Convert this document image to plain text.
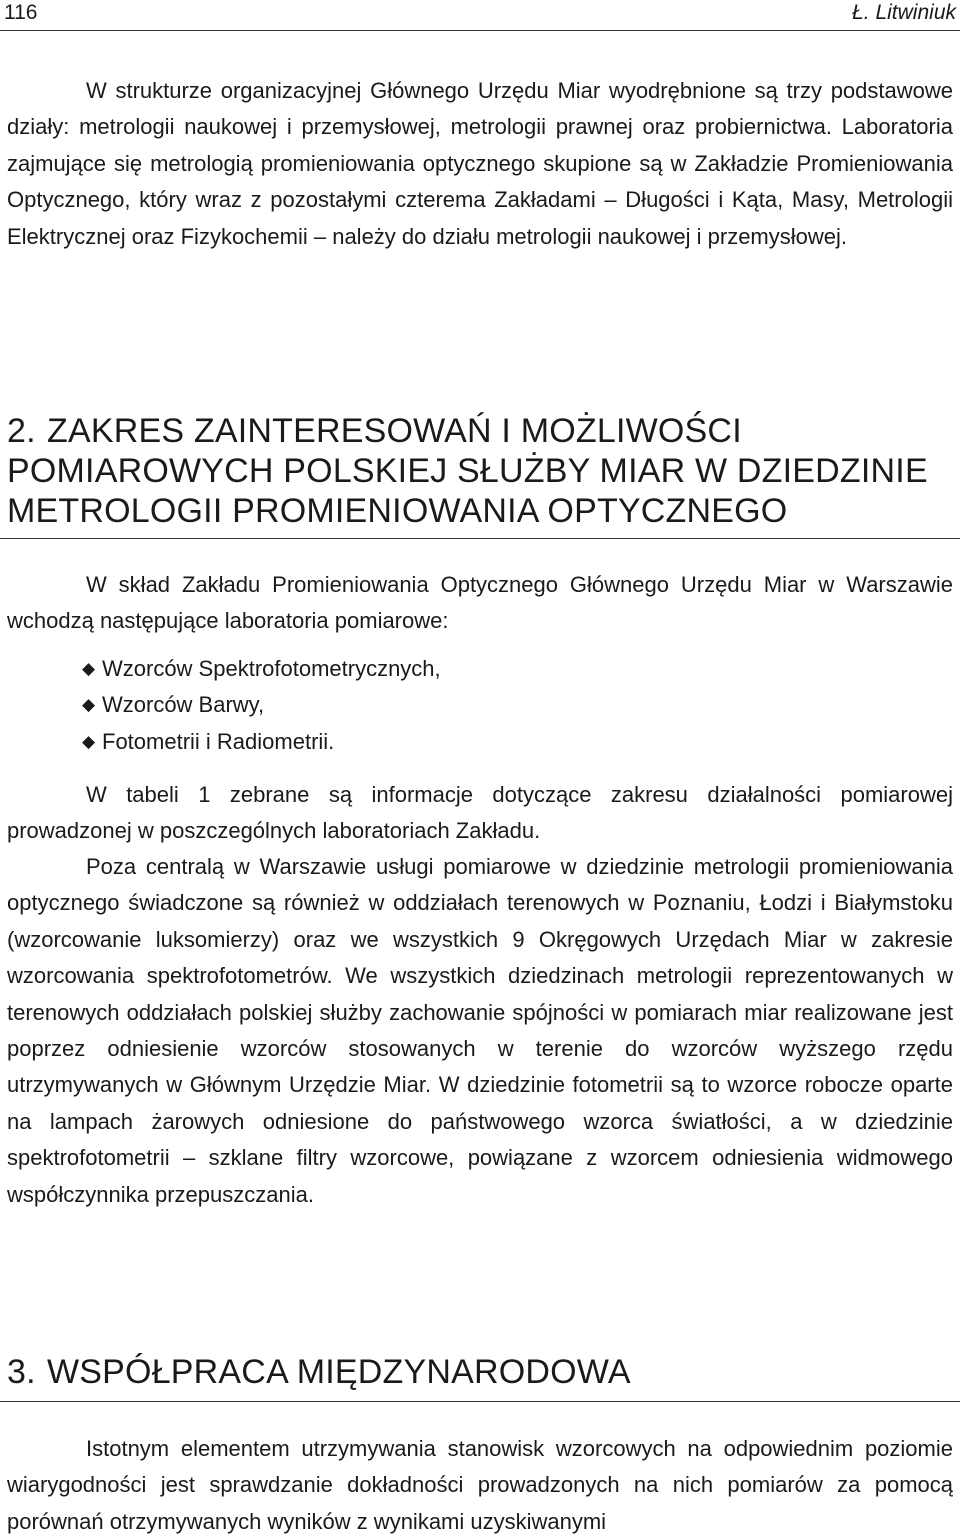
116	Ł. Litwiniuk

W strukturze organizacyjnej Głównego Urzędu Miar wyodrębnione są trzy podstawowe działy: metrologii naukowej i przemysłowej, metrologii prawnej oraz probiernictwa. Laboratoria zajmujące się metrologią promieniowania optycznego skupione są w Zakładzie Promieniowania Optycznego, który wraz z pozostałymi czterema Zakładami – Długości i Kąta, Masy, Metrologii Elektrycznej oraz Fizykochemii – należy do działu metrologii naukowej i przemysłowej.

2. ZAKRES ZAINTERESOWAŃ I MOŻLIWOŚCI POMIAROWYCH POLSKIEJ SŁUŻBY MIAR W DZIEDZINIE METROLOGII PROMIENIOWANIA OPTYCZNEGO

W skład Zakładu Promieniowania Optycznego Głównego Urzędu Miar w Warszawie wchodzą następujące laboratoria pomiarowe:

◆ Wzorców Spektrofotometrycznych,
◆ Wzorców Barwy,
◆ Fotometrii i Radiometrii.

W tabeli 1 zebrane są informacje dotyczące zakresu działalności pomiarowej prowadzonej w poszczególnych laboratoriach Zakładu.

Poza centralą w Warszawie usługi pomiarowe w dziedzinie metrologii promieniowania optycznego świadczone są również w oddziałach terenowych w Poznaniu, Łodzi i Białymstoku (wzorcowanie luksomierzy) oraz we wszystkich 9 Okręgowych Urzędach Miar w zakresie wzorcowania spektrofotometrów. We wszystkich dziedzinach metrologii reprezentowanych w terenowych oddziałach polskiej służby zachowanie spójności w pomiarach miar realizowane jest poprzez odniesienie wzorców stosowanych w terenie do wzorców wyższego rzędu utrzymywanych w Głównym Urzędzie Miar. W dziedzinie fotometrii są to wzorce robocze oparte na lampach żarowych odniesione do państwowego wzorca światłości, a w dziedzinie spektrofotometrii – szklane filtry wzorcowe, powiązane z wzorcem odniesienia widmowego współczynnika przepuszczania.

3. WSPÓŁPRACA MIĘDZYNARODOWA

Istotnym elementem utrzymywania stanowisk wzorcowych na odpowiednim poziomie wiarygodności jest sprawdzanie dokładności prowadzonych na nich pomiarów za pomocą porównań otrzymywanych wyników z wynikami uzyskiwanymi
